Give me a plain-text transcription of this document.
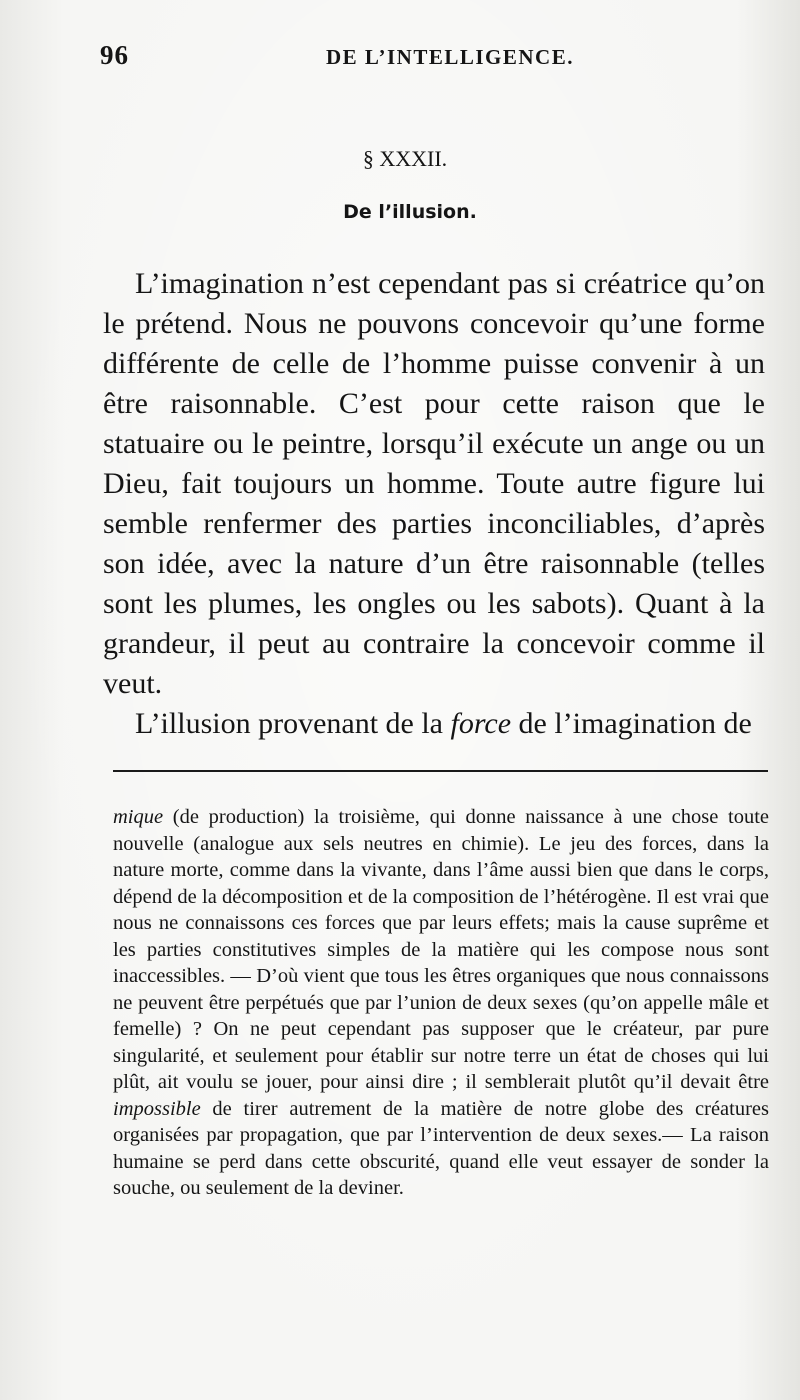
96	DE L’INTELLIGENCE.
§ XXXII.
De l’illusion.

L’imagination n’est cependant pas si créatrice qu’on le prétend. Nous ne pouvons concevoir qu’une forme différente de celle de l’homme puisse convenir à un être raisonnable. C’est pour cette raison que le statuaire ou le peintre, lorsqu’il exécute un ange ou un Dieu, fait toujours un homme. Toute autre figure lui semble renfermer des parties inconciliables, d’après son idée, avec la nature d’un être raisonnable (telles sont les plumes, les ongles ou les sabots). Quant à la grandeur, il peut au contraire la concevoir comme il veut.

L’illusion provenant de la force de l’imagination de

mique (de production) la troisième, qui donne naissance à une chose toute nouvelle (analogue aux sels neutres en chimie). Le jeu des forces, dans la nature morte, comme dans la vivante, dans l’âme aussi bien que dans le corps, dépend de la décomposition et de la composition de l’hétérogène. Il est vrai que nous ne connaissons ces forces que par leurs effets; mais la cause suprême et les parties constitutives simples de la matière qui les compose nous sont inaccessibles. — D’où vient que tous les êtres organiques que nous connaissons ne peuvent être perpétués que par l’union de deux sexes (qu’on appelle mâle et femelle) ? On ne peut cependant pas supposer que le créateur, par pure singularité, et seulement pour établir sur notre terre un état de choses qui lui plût, ait voulu se jouer, pour ainsi dire ; il semblerait plutôt qu’il devait être impossible de tirer autrement de la matière de notre globe des créatures organisées par propagation, que par l’intervention de deux sexes.— La raison humaine se perd dans cette obscurité, quand elle veut essayer de sonder la souche, ou seulement de la deviner.
